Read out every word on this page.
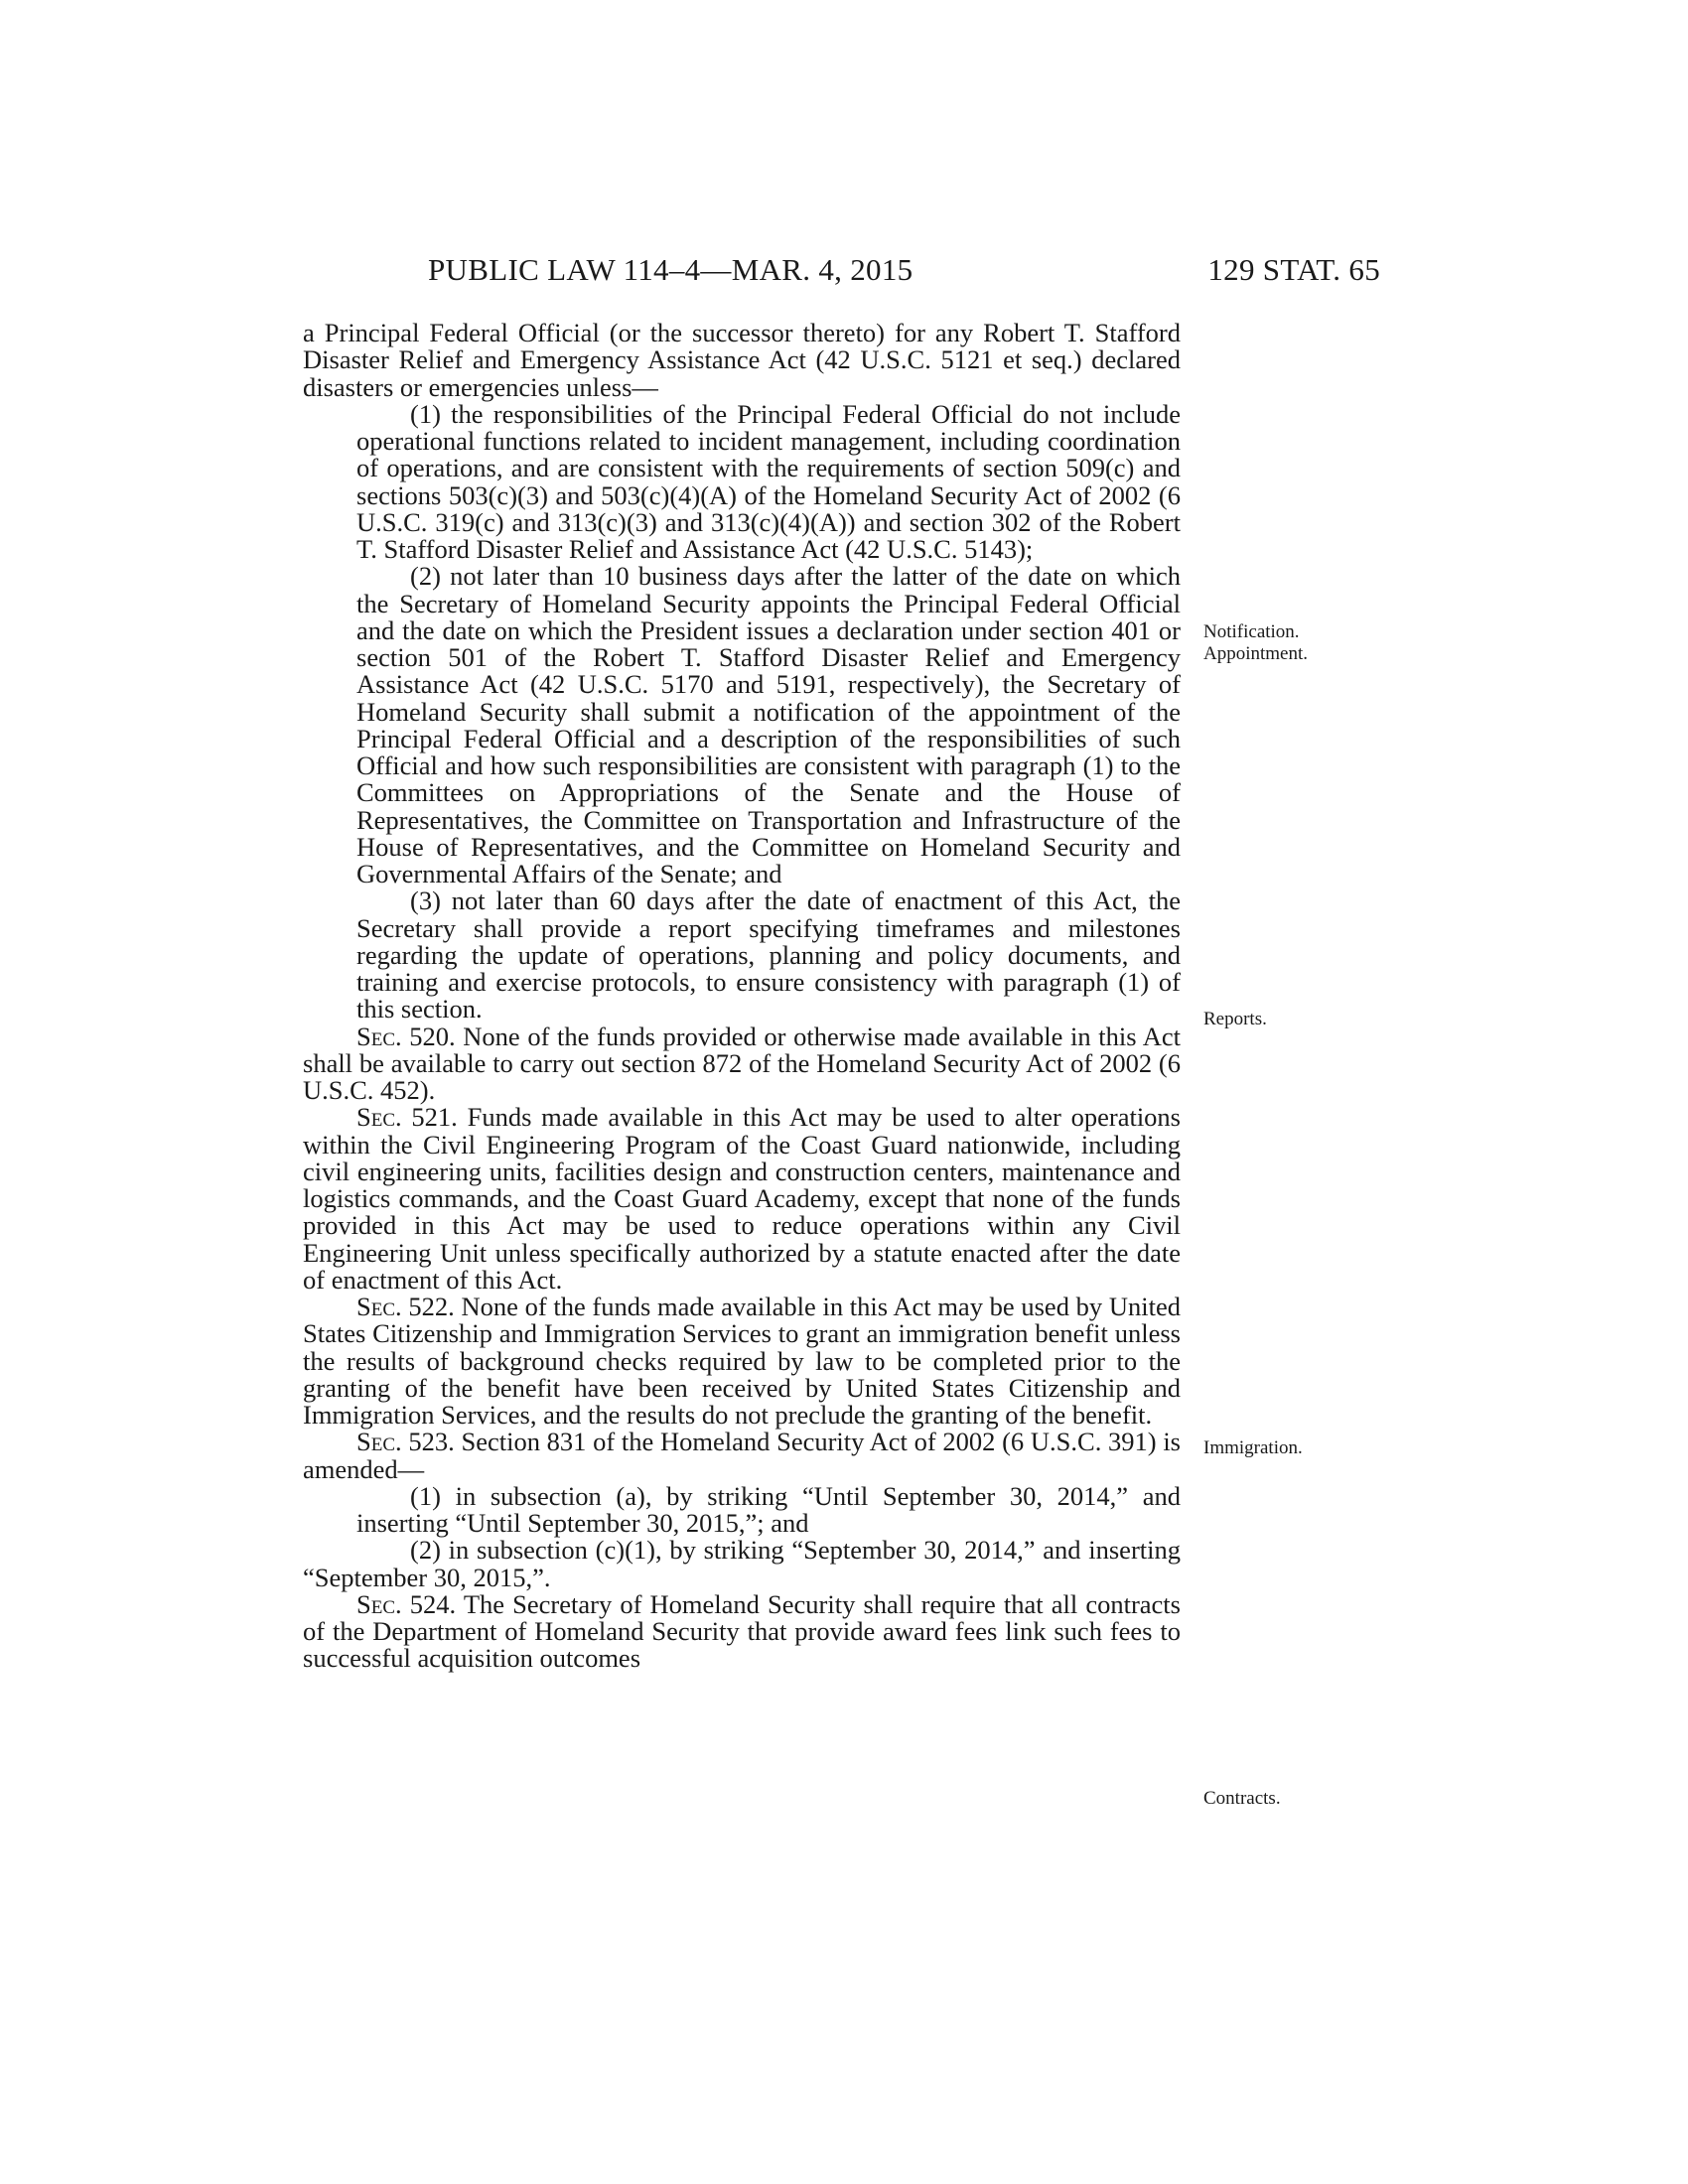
PUBLIC LAW 114–4—MAR. 4, 2015	129 STAT. 65

a Principal Federal Official (or the successor thereto) for any Robert T. Stafford Disaster Relief and Emergency Assistance Act (42 U.S.C. 5121 et seq.) declared disasters or emergencies unless—

(1) the responsibilities of the Principal Federal Official do not include operational functions related to incident management, including coordination of operations, and are consistent with the requirements of section 509(c) and sections 503(c)(3) and 503(c)(4)(A) of the Homeland Security Act of 2002 (6 U.S.C. 319(c) and 313(c)(3) and 313(c)(4)(A)) and section 302 of the Robert T. Stafford Disaster Relief and Assistance Act (42 U.S.C. 5143);

(2) not later than 10 business days after the latter of the date on which the Secretary of Homeland Security appoints the Principal Federal Official and the date on which the President issues a declaration under section 401 or section 501 of the Robert T. Stafford Disaster Relief and Emergency Assistance Act (42 U.S.C. 5170 and 5191, respectively), the Secretary of Homeland Security shall submit a notification of the appointment of the Principal Federal Official and a description of the responsibilities of such Official and how such responsibilities are consistent with paragraph (1) to the Committees on Appropriations of the Senate and the House of Representatives, the Committee on Transportation and Infrastructure of the House of Representatives, and the Committee on Homeland Security and Governmental Affairs of the Senate; and

(3) not later than 60 days after the date of enactment of this Act, the Secretary shall provide a report specifying timeframes and milestones regarding the update of operations, planning and policy documents, and training and exercise protocols, to ensure consistency with paragraph (1) of this section.

Sec. 520. None of the funds provided or otherwise made available in this Act shall be available to carry out section 872 of the Homeland Security Act of 2002 (6 U.S.C. 452).

Sec. 521. Funds made available in this Act may be used to alter operations within the Civil Engineering Program of the Coast Guard nationwide, including civil engineering units, facilities design and construction centers, maintenance and logistics commands, and the Coast Guard Academy, except that none of the funds provided in this Act may be used to reduce operations within any Civil Engineering Unit unless specifically authorized by a statute enacted after the date of enactment of this Act.

Sec. 522. None of the funds made available in this Act may be used by United States Citizenship and Immigration Services to grant an immigration benefit unless the results of background checks required by law to be completed prior to the granting of the benefit have been received by United States Citizenship and Immigration Services, and the results do not preclude the granting of the benefit.

Sec. 523. Section 831 of the Homeland Security Act of 2002 (6 U.S.C. 391) is amended—

(1) in subsection (a), by striking “Until September 30, 2014,” and inserting “Until September 30, 2015,”; and

(2) in subsection (c)(1), by striking “September 30, 2014,” and inserting “September 30, 2015,”.

Sec. 524. The Secretary of Homeland Security shall require that all contracts of the Department of Homeland Security that provide award fees link such fees to successful acquisition outcomes

Notification.
Appointment.
Reports.
Immigration.
Contracts.
